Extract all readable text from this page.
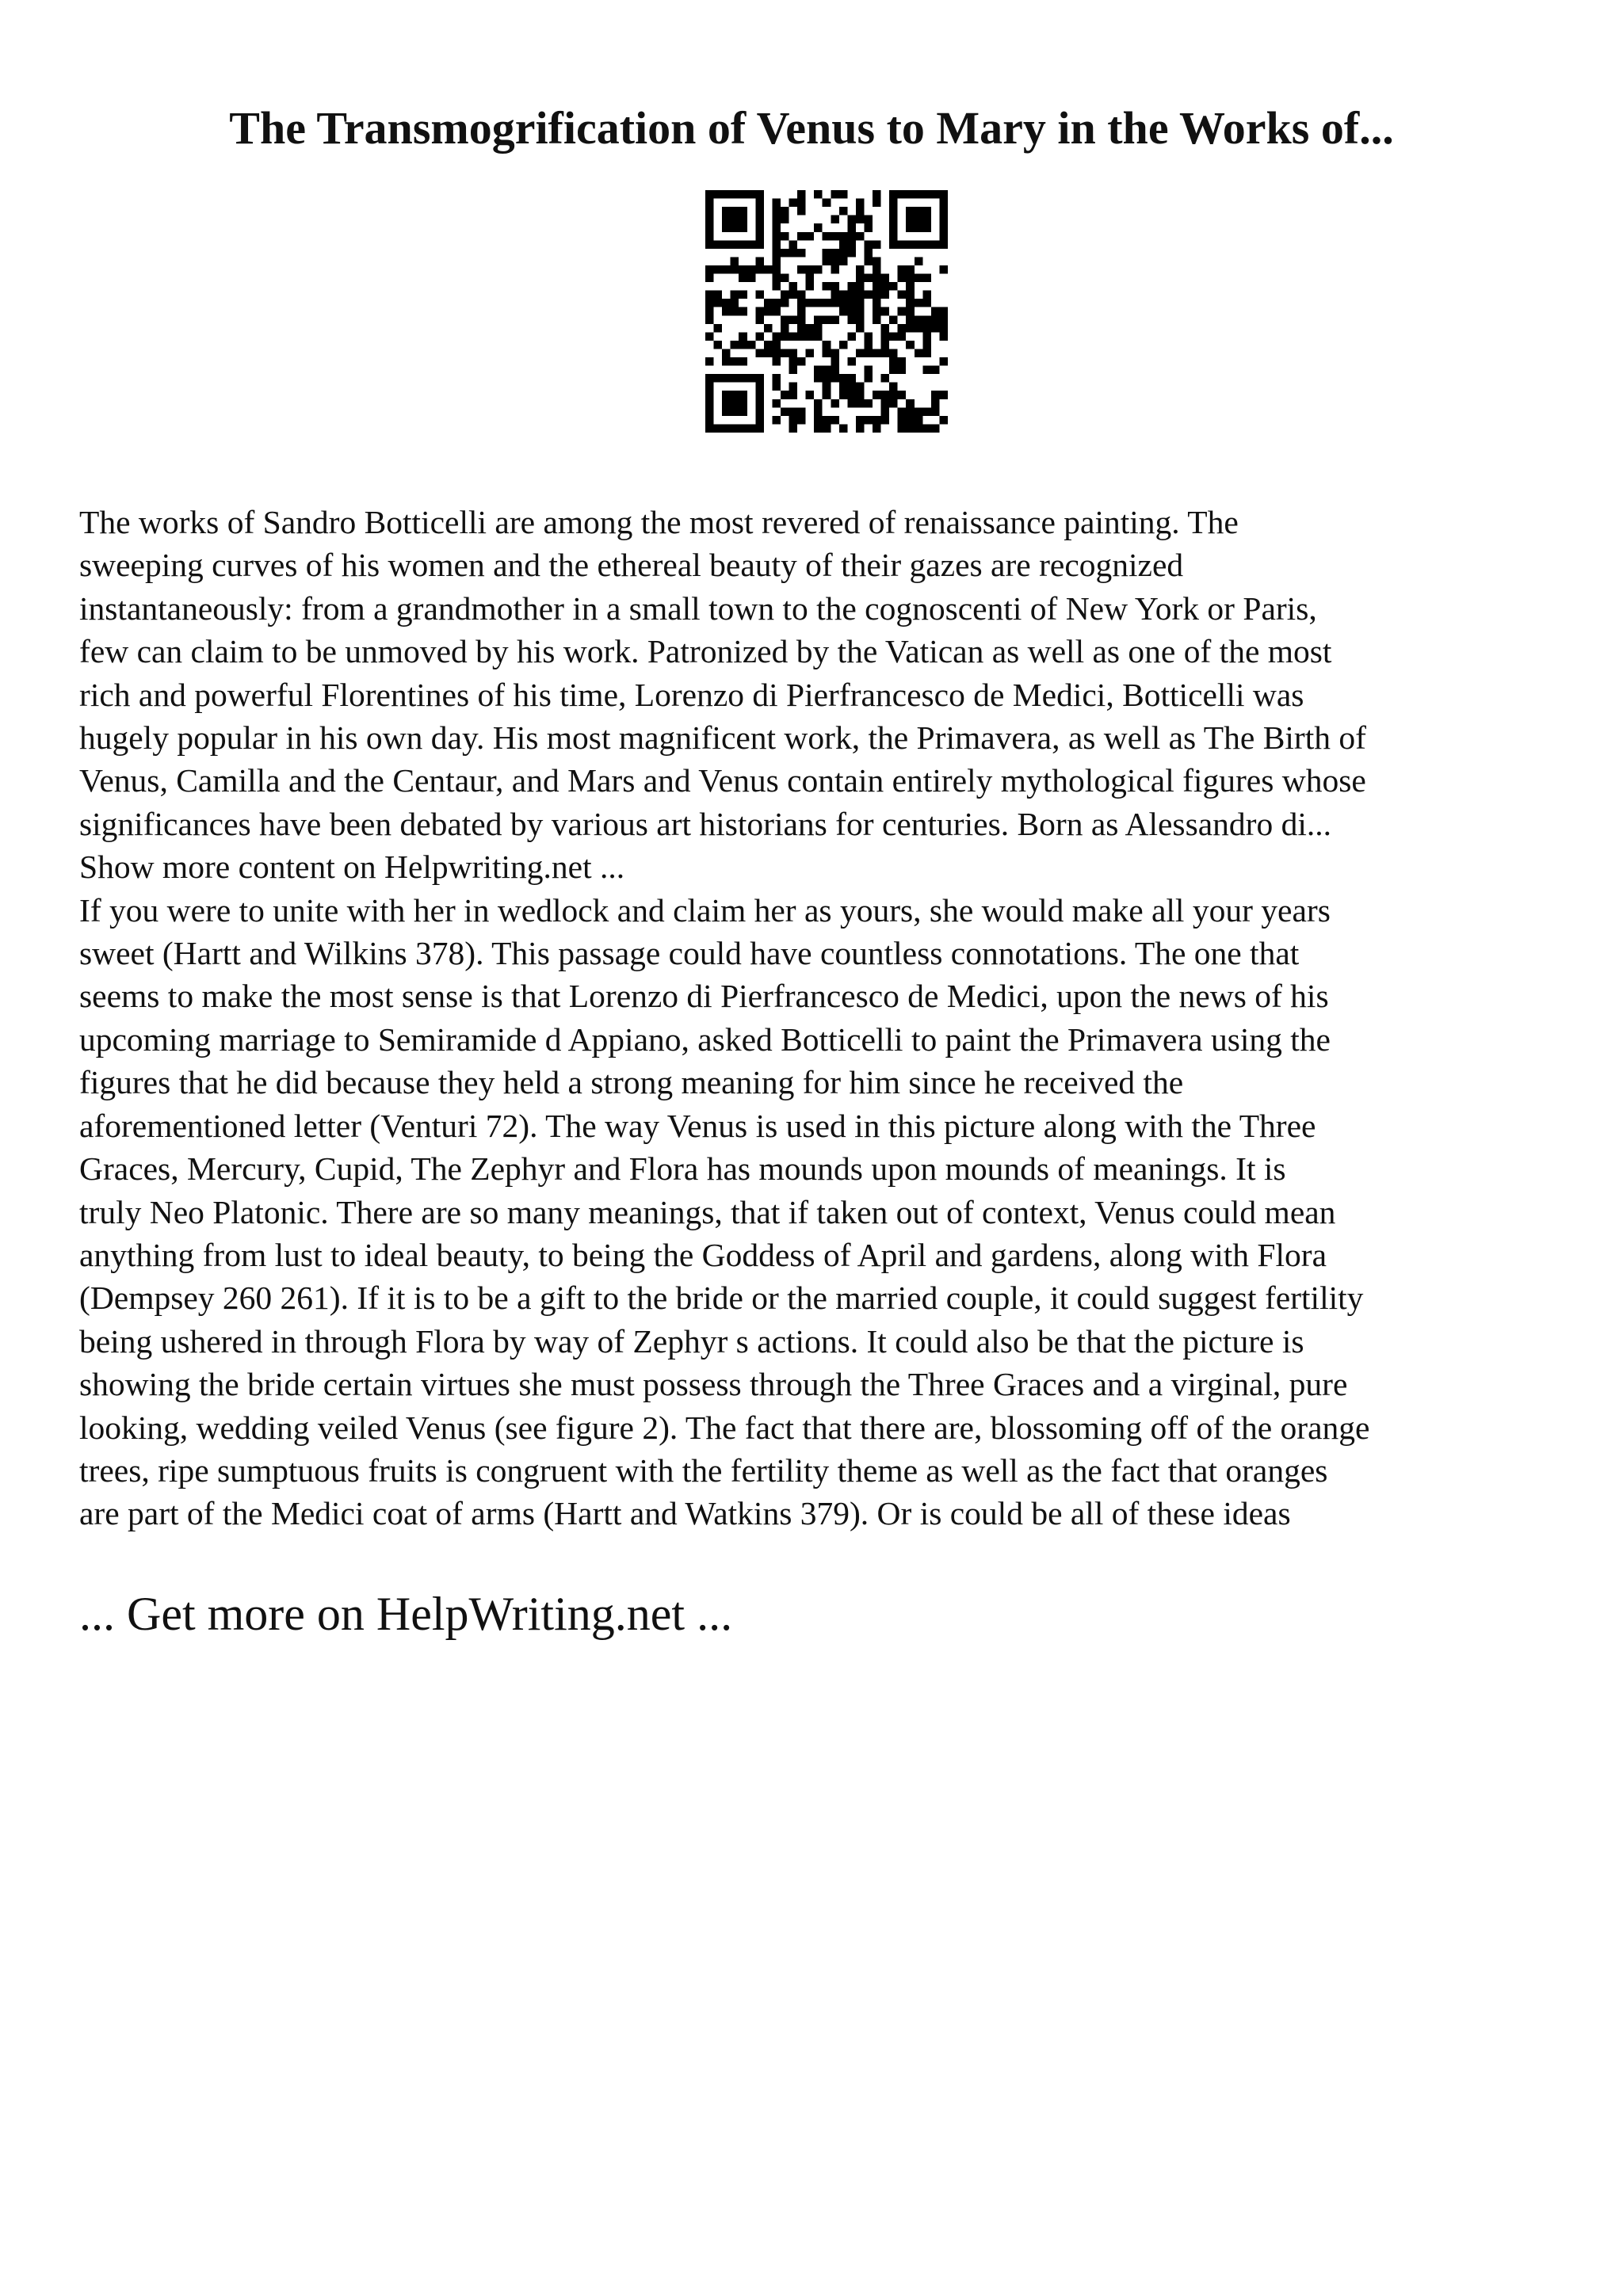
The Transmogrification of Venus to Mary in the Works of...

The works of Sandro Botticelli are among the most revered of renaissance painting. The
sweeping curves of his women and the ethereal beauty of their gazes are recognized
instantaneously: from a grandmother in a small town to the cognoscenti of New York or Paris,
few can claim to be unmoved by his work. Patronized by the Vatican as well as one of the most
rich and powerful Florentines of his time, Lorenzo di Pierfrancesco de Medici, Botticelli was
hugely popular in his own day. His most magnificent work, the Primavera, as well as The Birth of
Venus, Camilla and the Centaur, and Mars and Venus contain entirely mythological figures whose
significances have been debated by various art historians for centuries. Born as Alessandro di...
Show more content on Helpwriting.net ...
If you were to unite with her in wedlock and claim her as yours, she would make all your years
sweet (Hartt and Wilkins 378). This passage could have countless connotations. The one that
seems to make the most sense is that Lorenzo di Pierfrancesco de Medici, upon the news of his
upcoming marriage to Semiramide d Appiano, asked Botticelli to paint the Primavera using the
figures that he did because they held a strong meaning for him since he received the
aforementioned letter (Venturi 72). The way Venus is used in this picture along with the Three
Graces, Mercury, Cupid, The Zephyr and Flora has mounds upon mounds of meanings. It is
truly Neo Platonic. There are so many meanings, that if taken out of context, Venus could mean
anything from lust to ideal beauty, to being the Goddess of April and gardens, along with Flora
(Dempsey 260 261). If it is to be a gift to the bride or the married couple, it could suggest fertility
being ushered in through Flora by way of Zephyr s actions. It could also be that the picture is
showing the bride certain virtues she must possess through the Three Graces and a virginal, pure
looking, wedding veiled Venus (see figure 2). The fact that there are, blossoming off of the orange
trees, ripe sumptuous fruits is congruent with the fertility theme as well as the fact that oranges
are part of the Medici coat of arms (Hartt and Watkins 379). Or is could be all of these ideas

... Get more on HelpWriting.net ...
